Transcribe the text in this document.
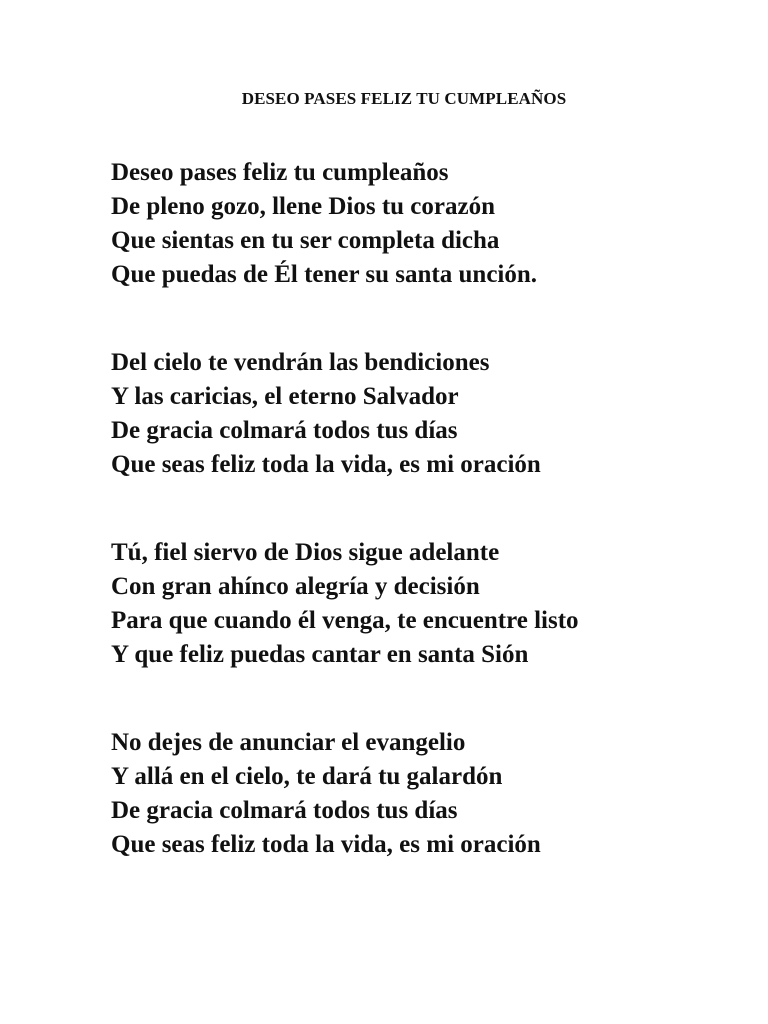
DESEO PASES FELIZ TU CUMPLEAÑOS
Deseo pases feliz tu cumpleaños
De pleno gozo, llene Dios tu corazón
Que sientas en tu ser completa dicha
Que puedas de Él tener su santa unción.
Del cielo te vendrán las bendiciones
Y las caricias, el eterno Salvador
De gracia colmará todos tus días
Que seas feliz toda la vida, es mi oración
Tú, fiel siervo de Dios sigue adelante
Con gran ahínco alegría y decisión
Para que cuando él venga, te encuentre listo
Y que feliz puedas cantar en santa Sión
No dejes de anunciar el evangelio
Y allá en el cielo, te dará tu galardón
De gracia colmará todos tus días
Que seas feliz toda la vida, es mi oración
